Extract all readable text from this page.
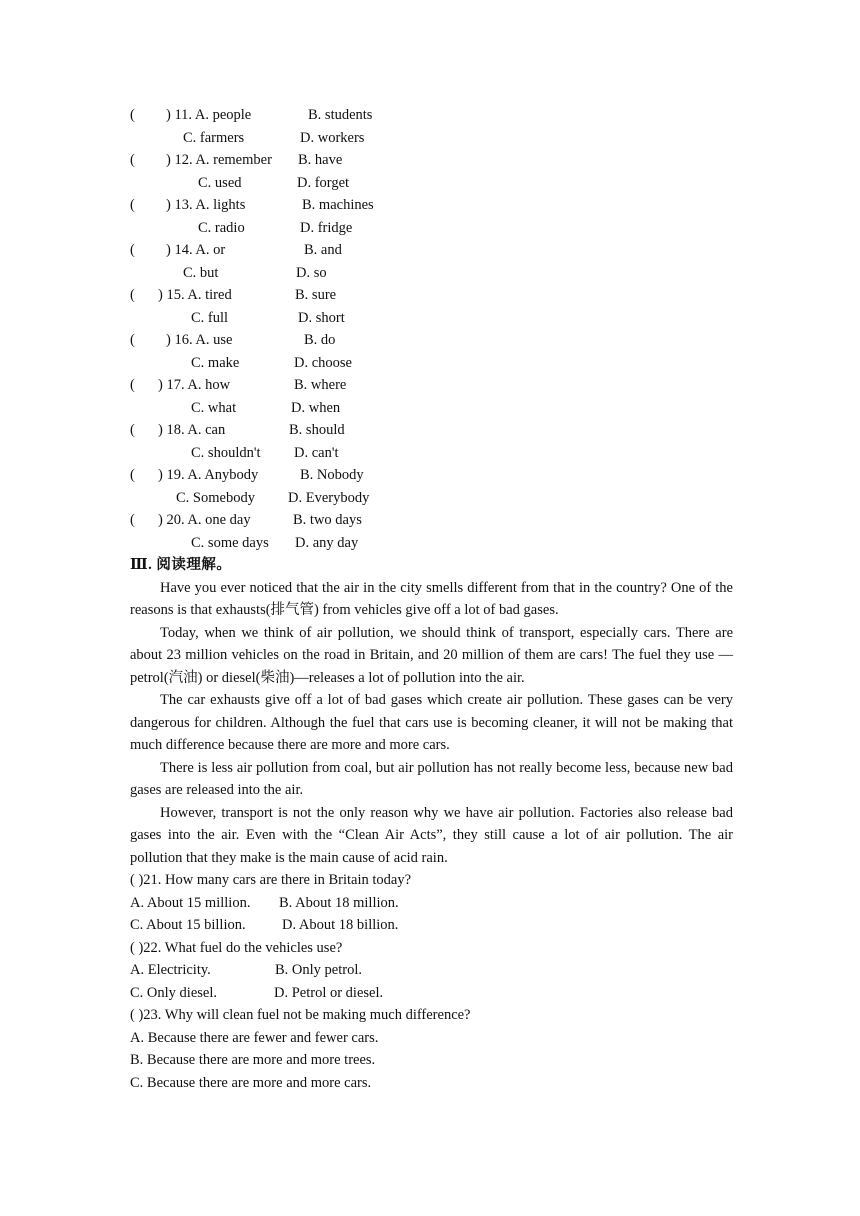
( ) 11. A. people	B. students
C. farmers	D. workers
( ) 12. A. remember B. have
C. used	D. forget
( ) 13. A. lights	B. machines
C. radio	D. fridge
( ) 14. A. or	B. and
C. but	D. so
( ) 15. A. tired	B. sure
C. full	D. short
( ) 16. A. use	B. do
C. make	D. choose
( ) 17. A. how	B. where
C. what	D. when
( ) 18. A. can	B. should
C. shouldn't D. can't
( ) 19. A. Anybody	B. Nobody
C. Somebody D. Everybody
( ) 20. A. one day	B. two days
C. some days D. any day
Ⅲ. 阅读理解。

Have you ever noticed that the air in the city smells different from that in the country? One of the reasons is that exhausts(排气管) from vehicles give off a lot of bad gases.

Today, when we think of air pollution, we should think of transport, especially cars. There are about 23 million vehicles on the road in Britain, and 20 million of them are cars! The fuel they use —petrol(汽油) or diesel(柴油)—releases a lot of pollution into the air.

The car exhausts give off a lot of bad gases which create air pollution. These gases can be very dangerous for children. Although the fuel that cars use is becoming cleaner, it will not be making that much difference because there are more and more cars.

There is less air pollution from coal, but air pollution has not really become less, because new bad gases are released into the air.

However, transport is not the only reason why we have air pollution. Factories also release bad gases into the air. Even with the “Clean Air Acts”, they still cause a lot of air pollution. The air pollution that they make is the main cause of acid rain.

( )21. How many cars are there in Britain today?
A. About 15 million. B. About 18 million.
C. About 15 billion.	D. About 18 billion.
( )22. What fuel do the vehicles use?
A. Electricity.	B. Only petrol.
C. Only diesel.	D. Petrol or diesel.
( )23. Why will clean fuel not be making much difference?
A. Because there are fewer and fewer cars.
B. Because there are more and more trees.
C. Because there are more and more cars.
